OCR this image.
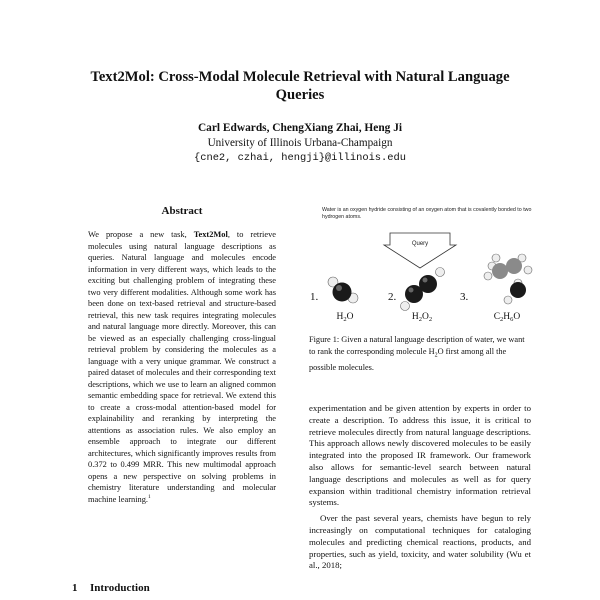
Text2Mol: Cross-Modal Molecule Retrieval with Natural Language Queries
Carl Edwards, ChengXiang Zhai, Heng Ji
University of Illinois Urbana-Champaign
{cne2, czhai, hengji}@illinois.edu
Abstract
We propose a new task, Text2Mol, to retrieve molecules using natural language descriptions as queries. Natural language and molecules encode information in very different ways, which leads to the exciting but challenging problem of integrating these two very different modalities. Although some work has been done on text-based retrieval and structure-based retrieval, this new task requires integrating molecules and natural language more directly. Moreover, this can be viewed as an especially challenging cross-lingual retrieval problem by considering the molecules as a language with a very unique grammar. We construct a paired dataset of molecules and their corresponding text descriptions, which we use to learn an aligned common semantic embedding space for retrieval. We extend this to create a cross-modal attention-based model for explainability and reranking by interpreting the attentions as association rules. We also employ an ensemble approach to integrate our different architectures, which significantly improves results from 0.372 to 0.499 MRR. This new multimodal approach opens a new perspective on solving problems in chemistry literature understanding and molecular machine learning.$^1$
1 Introduction
Water is an oxygen hydride consisting of an oxygen atom that is covalently bonded to two hydrogen atoms.
Query
1.	2.	3.
$H_2O$	$H_2O_2$	$C_2H_6O$
Figure 1: Given a natural language description of water, we want to rank the corresponding molecule $H_2O$ first among all the possible molecules.

experimentation and be given attention by experts in order to create a description. To address this issue, it is critical to retrieve molecules directly from natural language descriptions. This approach allows newly discovered molecules to be easily integrated into the proposed IR framework. Our framework also allows for semantic-level search between natural language descriptions and molecules as well as for query expansion within traditional chemistry information retrieval systems.

Over the past several years, chemists have begun to rely increasingly on computational techniques for cataloging molecules and predicting chemical reactions, products, and properties, such as yield, toxicity, and water solubility (Wu et al., 2018;
